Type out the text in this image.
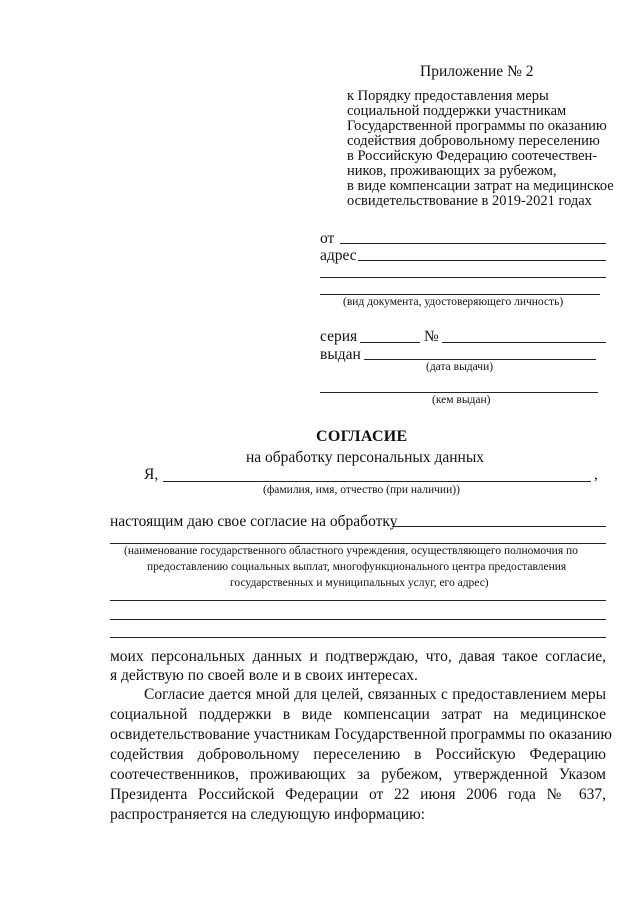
Приложение № 2
к Порядку предоставления меры
социальной поддержки участникам
Государственной программы по оказанию
содействия добровольному переселению
в Российскую Федерацию соотечествен-
ников, проживающих за рубежом,
в виде компенсации затрат на медицинское
освидетельствование в 2019-2021 годах
от
адрес
(вид документа, удостоверяющего личность)
серия	№
выдан
(дата выдачи)
(кем выдан)
СОГЛАСИЕ
на обработку персональных данных
Я,	,
(фамилия, имя, отчество (при наличии))
настоящим даю свое согласие на обработку
(наименование государственного областного учреждения, осуществляющего полномочия по
предоставлению социальных выплат, многофункционального центра предоставления
государственных и муниципальных услуг, его адрес)
моих персональных данных и подтверждаю, что, давая такое согласие,
я действую по своей воле и в своих интересах.
Согласие дается мной для целей, связанных с предоставлением меры
социальной поддержки в виде компенсации затрат на медицинское
освидетельствование участникам Государственной программы по оказанию
содействия добровольному переселению в Российскую Федерацию
соотечественников, проживающих за рубежом, утвержденной Указом
Президента Российской Федерации от 22 июня 2006 года № 637,
распространяется на следующую информацию:
